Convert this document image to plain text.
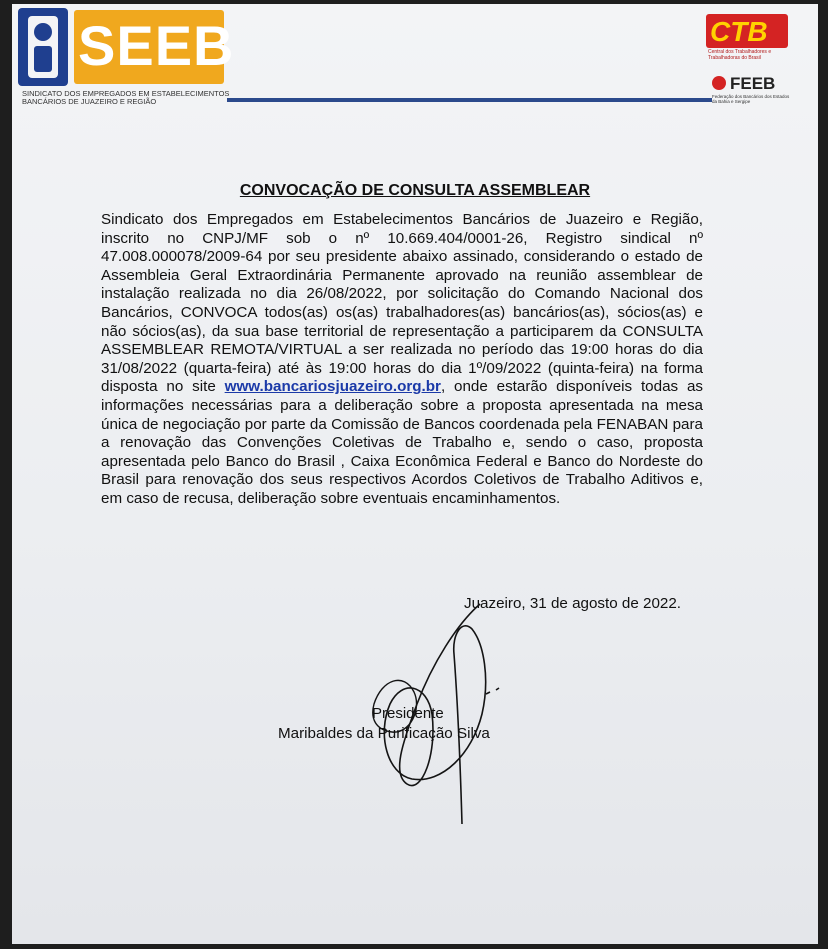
SEEB
SINDICATO DOS EMPREGADOS EM ESTABELECIMENTOS BANCÁRIOS DE JUAZEIRO E REGIÃO
CTB
Central dos Trabalhadores e Trabalhadoras do Brasil
FEEB
Federação dos Bancários dos Estados da Bahia e Sergipe
CONVOCAÇÃO DE CONSULTA ASSEMBLEAR

Sindicato dos Empregados em Estabelecimentos Bancários de Juazeiro e Região, inscrito no CNPJ/MF sob o nº 10.669.404/0001-26, Registro sindical nº 47.008.000078/2009-64 por seu presidente abaixo assinado, considerando o estado de Assembleia Geral Extraordinária Permanente aprovado na reunião assemblear de instalação realizada no dia 26/08/2022, por solicitação do Comando Nacional dos Bancários, CONVOCA todos(as) os(as) trabalhadores(as) bancários(as), sócios(as) e não sócios(as), da sua base territorial de representação a participarem da CONSULTA ASSEMBLEAR REMOTA/VIRTUAL a ser realizada no período das 19:00 horas do dia 31/08/2022 (quarta-feira) até às 19:00 horas do dia 1º/09/2022 (quinta-feira) na forma disposta no site www.bancariosjuazeiro.org.br, onde estarão disponíveis todas as informações necessárias para a deliberação sobre a proposta apresentada na mesa única de negociação por parte da Comissão de Bancos coordenada pela FENABAN para a renovação das Convenções Coletivas de Trabalho e, sendo o caso, proposta apresentada pelo Banco do Brasil , Caixa Econômica Federal e Banco do Nordeste do Brasil para renovação dos seus respectivos Acordos Coletivos de Trabalho Aditivos e, em caso de recusa, deliberação sobre eventuais encaminhamentos.

Juazeiro, 31 de agosto de 2022.
Presidente
Maribaldes da Purificação Silva
